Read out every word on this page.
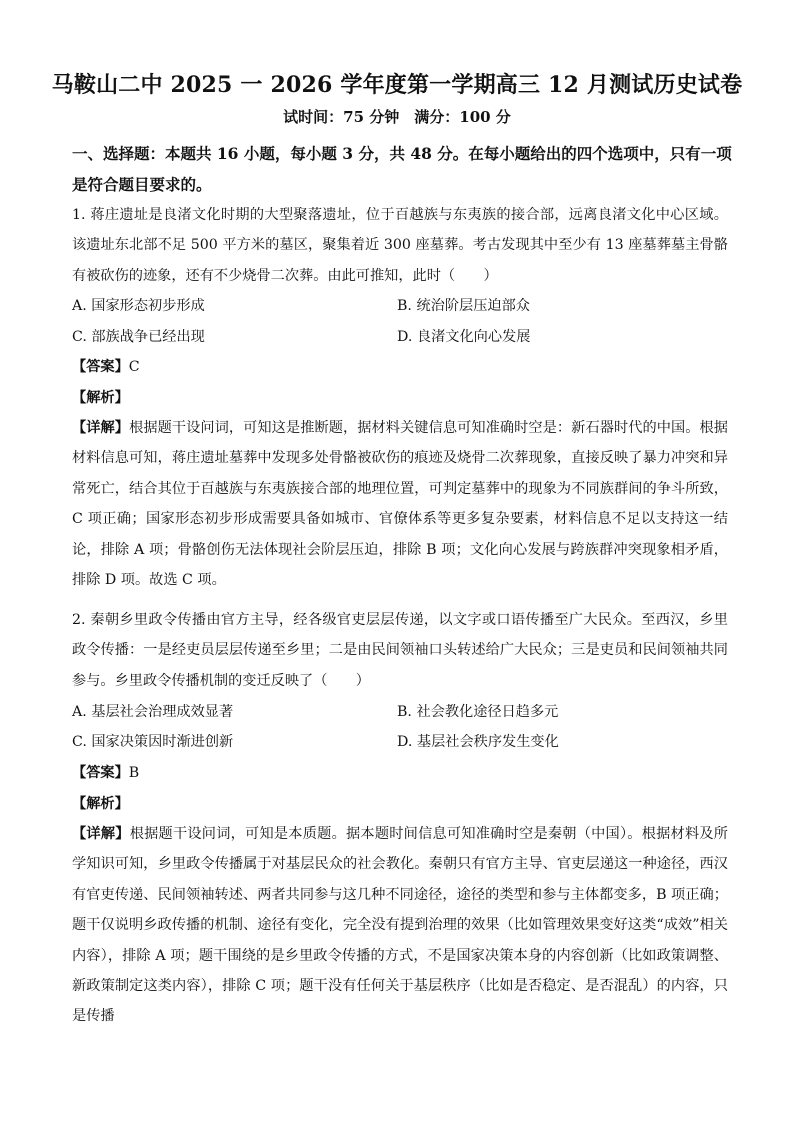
马鞍山二中 2025 一 2026 学年度第一学期高三 12 月测试历史试卷
试时间：75 分钟　满分：100 分
一、选择题：本题共 16 小题，每小题 3 分，共 48 分。在每小题给出的四个选项中，只有一项是符合题目要求的。
1. 蒋庄遗址是良渚文化时期的大型聚落遗址，位于百越族与东夷族的接合部，远离良渚文化中心区域。该遗址东北部不足 500 平方米的墓区，聚集着近 300 座墓葬。考古发现其中至少有 13 座墓葬墓主骨骼有被砍伤的迹象，还有不少烧骨二次葬。由此可推知，此时（　　）
A. 国家形态初步形成	B. 统治阶层压迫部众
C. 部族战争已经出现	D. 良渚文化向心发展
【答案】C
【解析】
【详解】根据题干设问词，可知这是推断题，据材料关键信息可知准确时空是：新石器时代的中国。根据材料信息可知，蒋庄遗址墓葬中发现多处骨骼被砍伤的痕迹及烧骨二次葬现象，直接反映了暴力冲突和异常死亡，结合其位于百越族与东夷族接合部的地理位置，可判定墓葬中的现象为不同族群间的争斗所致，C 项正确；国家形态初步形成需要具备如城市、官僚体系等更多复杂要素，材料信息不足以支持这一结论，排除 A 项；骨骼创伤无法体现社会阶层压迫，排除 B 项；文化向心发展与跨族群冲突现象相矛盾，排除 D 项。故选 C 项。
2. 秦朝乡里政令传播由官方主导，经各级官吏层层传递，以文字或口语传播至广大民众。至西汉，乡里政令传播：一是经吏员层层传递至乡里；二是由民间领袖口头转述给广大民众；三是吏员和民间领袖共同参与。乡里政令传播机制的变迁反映了（　　）
A. 基层社会治理成效显著	B. 社会教化途径日趋多元
C. 国家决策因时渐进创新	D. 基层社会秩序发生变化
【答案】B
【解析】
【详解】根据题干设问词，可知是本质题。据本题时间信息可知准确时空是秦朝（中国）。根据材料及所学知识可知，乡里政令传播属于对基层民众的社会教化。秦朝只有官方主导、官吏层递这一种途径，西汉有官吏传递、民间领袖转述、两者共同参与这几种不同途径，途径的类型和参与主体都变多，B 项正确；题干仅说明乡政传播的机制、途径有变化，完全没有提到治理的效果（比如管理效果变好这类“成效”相关内容），排除 A 项；题干围绕的是乡里政令传播的方式，不是国家决策本身的内容创新（比如政策调整、新政策制定这类内容），排除 C 项；题干没有任何关于基层秩序（比如是否稳定、是否混乱）的内容，只是传播
